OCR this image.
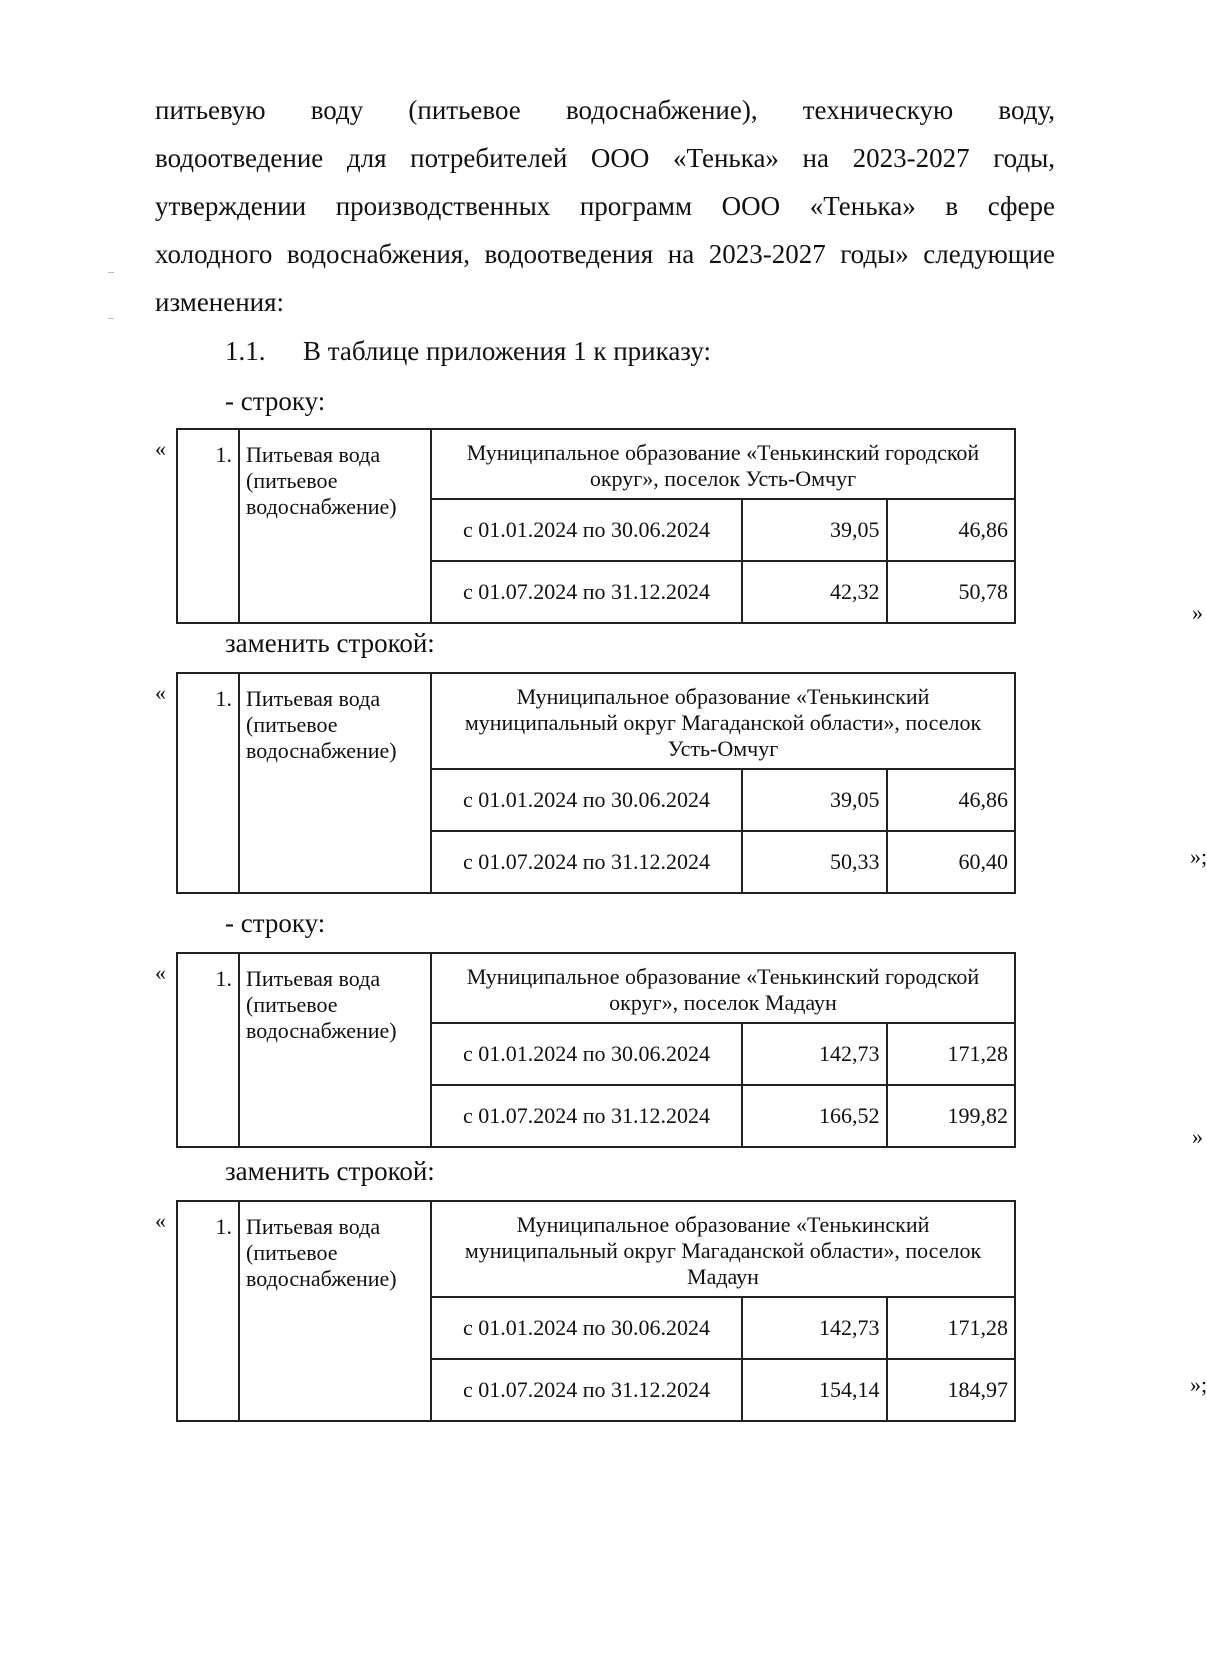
питьевую воду (питьевое водоснабжение), техническую воду,
водоотведение для потребителей ООО «Тенька» на 2023-2027 годы,
утверждении производственных программ ООО «Тенька» в сфере
холодного водоснабжения, водоотведения на 2023-2027 годы» следующие
изменения:
1.1. В таблице приложения 1 к приказу:
- строку:
« 1.	Питьевая вода (питьевое водоснабжение)	Муниципальное образование «Тенькинский городской округ», поселок Усть-Омчуг		
		с 01.01.2024 по 30.06.2024	39,05	46,86
		с 01.07.2024 по 31.12.2024	42,32	50,78
»
заменить строкой:
« 1.	Питьевая вода (питьевое водоснабжение)	Муниципальное образование «Тенькинский муниципальный округ Магаданской области», поселок Усть-Омчуг		
		с 01.01.2024 по 30.06.2024	39,05	46,86
		с 01.07.2024 по 31.12.2024	50,33	60,40	»;
- строку:
« 1.	Питьевая вода (питьевое водоснабжение)	Муниципальное образование «Тенькинский городской округ», поселок Мадаун		
		с 01.01.2024 по 30.06.2024	142,73	171,28
		с 01.07.2024 по 31.12.2024	166,52	199,82
»
заменить строкой:
« 1.	Питьевая вода (питьевое водоснабжение)	Муниципальное образование «Тенькинский муниципальный округ Магаданской области», поселок Мадаун		
		с 01.01.2024 по 30.06.2024	142,73	171,28
		с 01.07.2024 по 31.12.2024	154,14	184,97	»;
